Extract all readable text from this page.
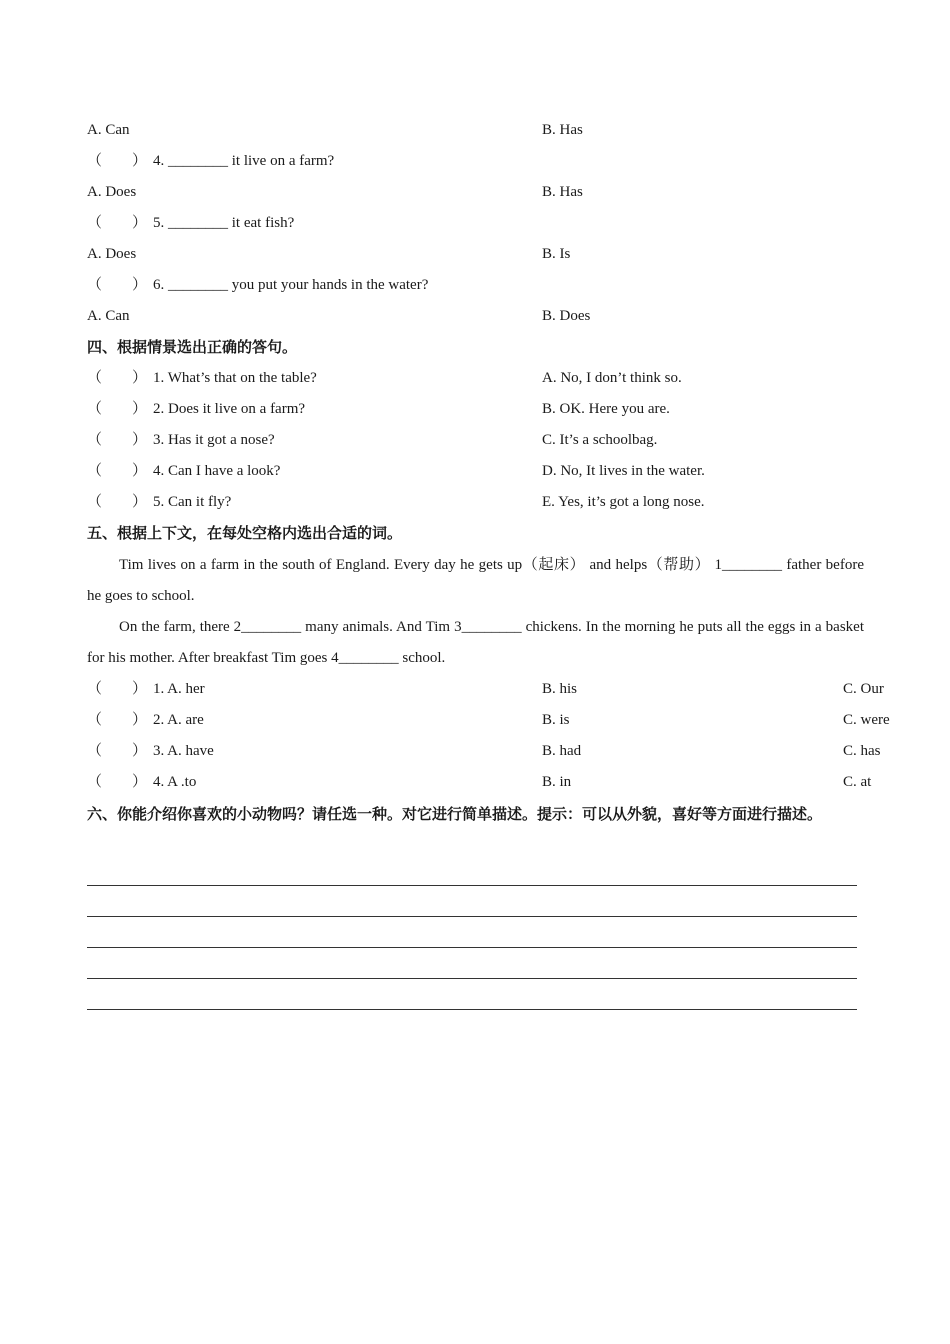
A. Can	B. Has
（　　） 4. ________ it live on a farm?
A. Does	B. Has
（　　） 5. ________ it eat fish?
A. Does	B. Is
（　　） 6. ________ you put your hands in the water?
A. Can	B. Does
四、根据情景选出正确的答句。
（　　） 1. What’s that on the table?	A. No, I don’t think so.
（　　） 2. Does it live on a farm?	B. OK. Here you are.
（　　） 3. Has it got a nose?	C. It’s a schoolbag.
（　　） 4. Can I have a look?	D. No, It lives in the water.
（　　） 5. Can it fly?	E. Yes, it’s got a long nose.
五、根据上下文，在每处空格内选出合适的词。
Tim lives on a farm in the south of England. Every day he gets up（起床） and helps（帮助） 1________ father before he goes to school.
On the farm, there 2________ many animals. And Tim 3________ chickens. In the morning he puts all the eggs in a basket for his mother. After breakfast Tim goes 4________ school.
（　　） 1. A. her	B. his	C. Our
（　　） 2. A. are	B. is	C. were
（　　） 3. A. have	B. had	C. has
（　　） 4. A .to	B. in	C. at
六、你能介绍你喜欢的小动物吗？请任选一种。对它进行简单描述。提示：可以从外貌，喜好等方面进行描述。
